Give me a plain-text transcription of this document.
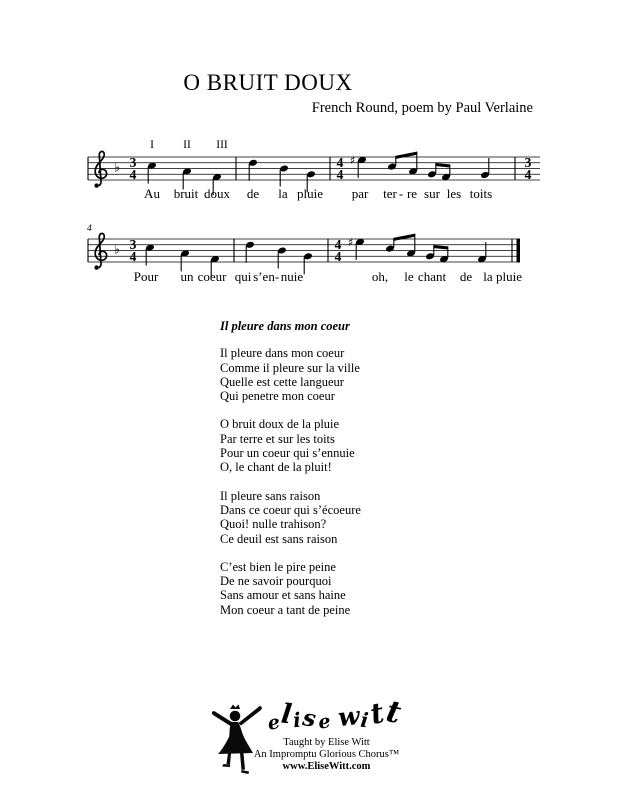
O BRUIT DOUX
French Round, poem by Paul Verlaine
♭ 3
4
4
4
3
4
I	II III
♯
♭ 3
4
4
4
4
♯
Au bruit doux de la pluie par ter - re sur les toits
Pour un coeur qui s’en - nuie	oh, le chant de la pluie
Il pleure dans mon coeur
Il pleure dans mon coeur
Comme il pleure sur la ville
Quelle est cette langueur
Qui penetre mon coeur
O bruit doux de la pluie
Par terre et sur les toits
Pour un coeur qui s’ennuie
O, le chant de la pluit!
Il pleure sans raison
Dans ce coeur qui s’écoeure
Quoi! nulle trahison?
Ce deuil est sans raison
C’est bien le pire peine
De ne savoir pourquoi
Sans amour et sans haine
Mon coeur a tant de peine
elise witt
Taught by Elise Witt
An Impromptu Glorious Chorus™
www.EliseWitt.com
